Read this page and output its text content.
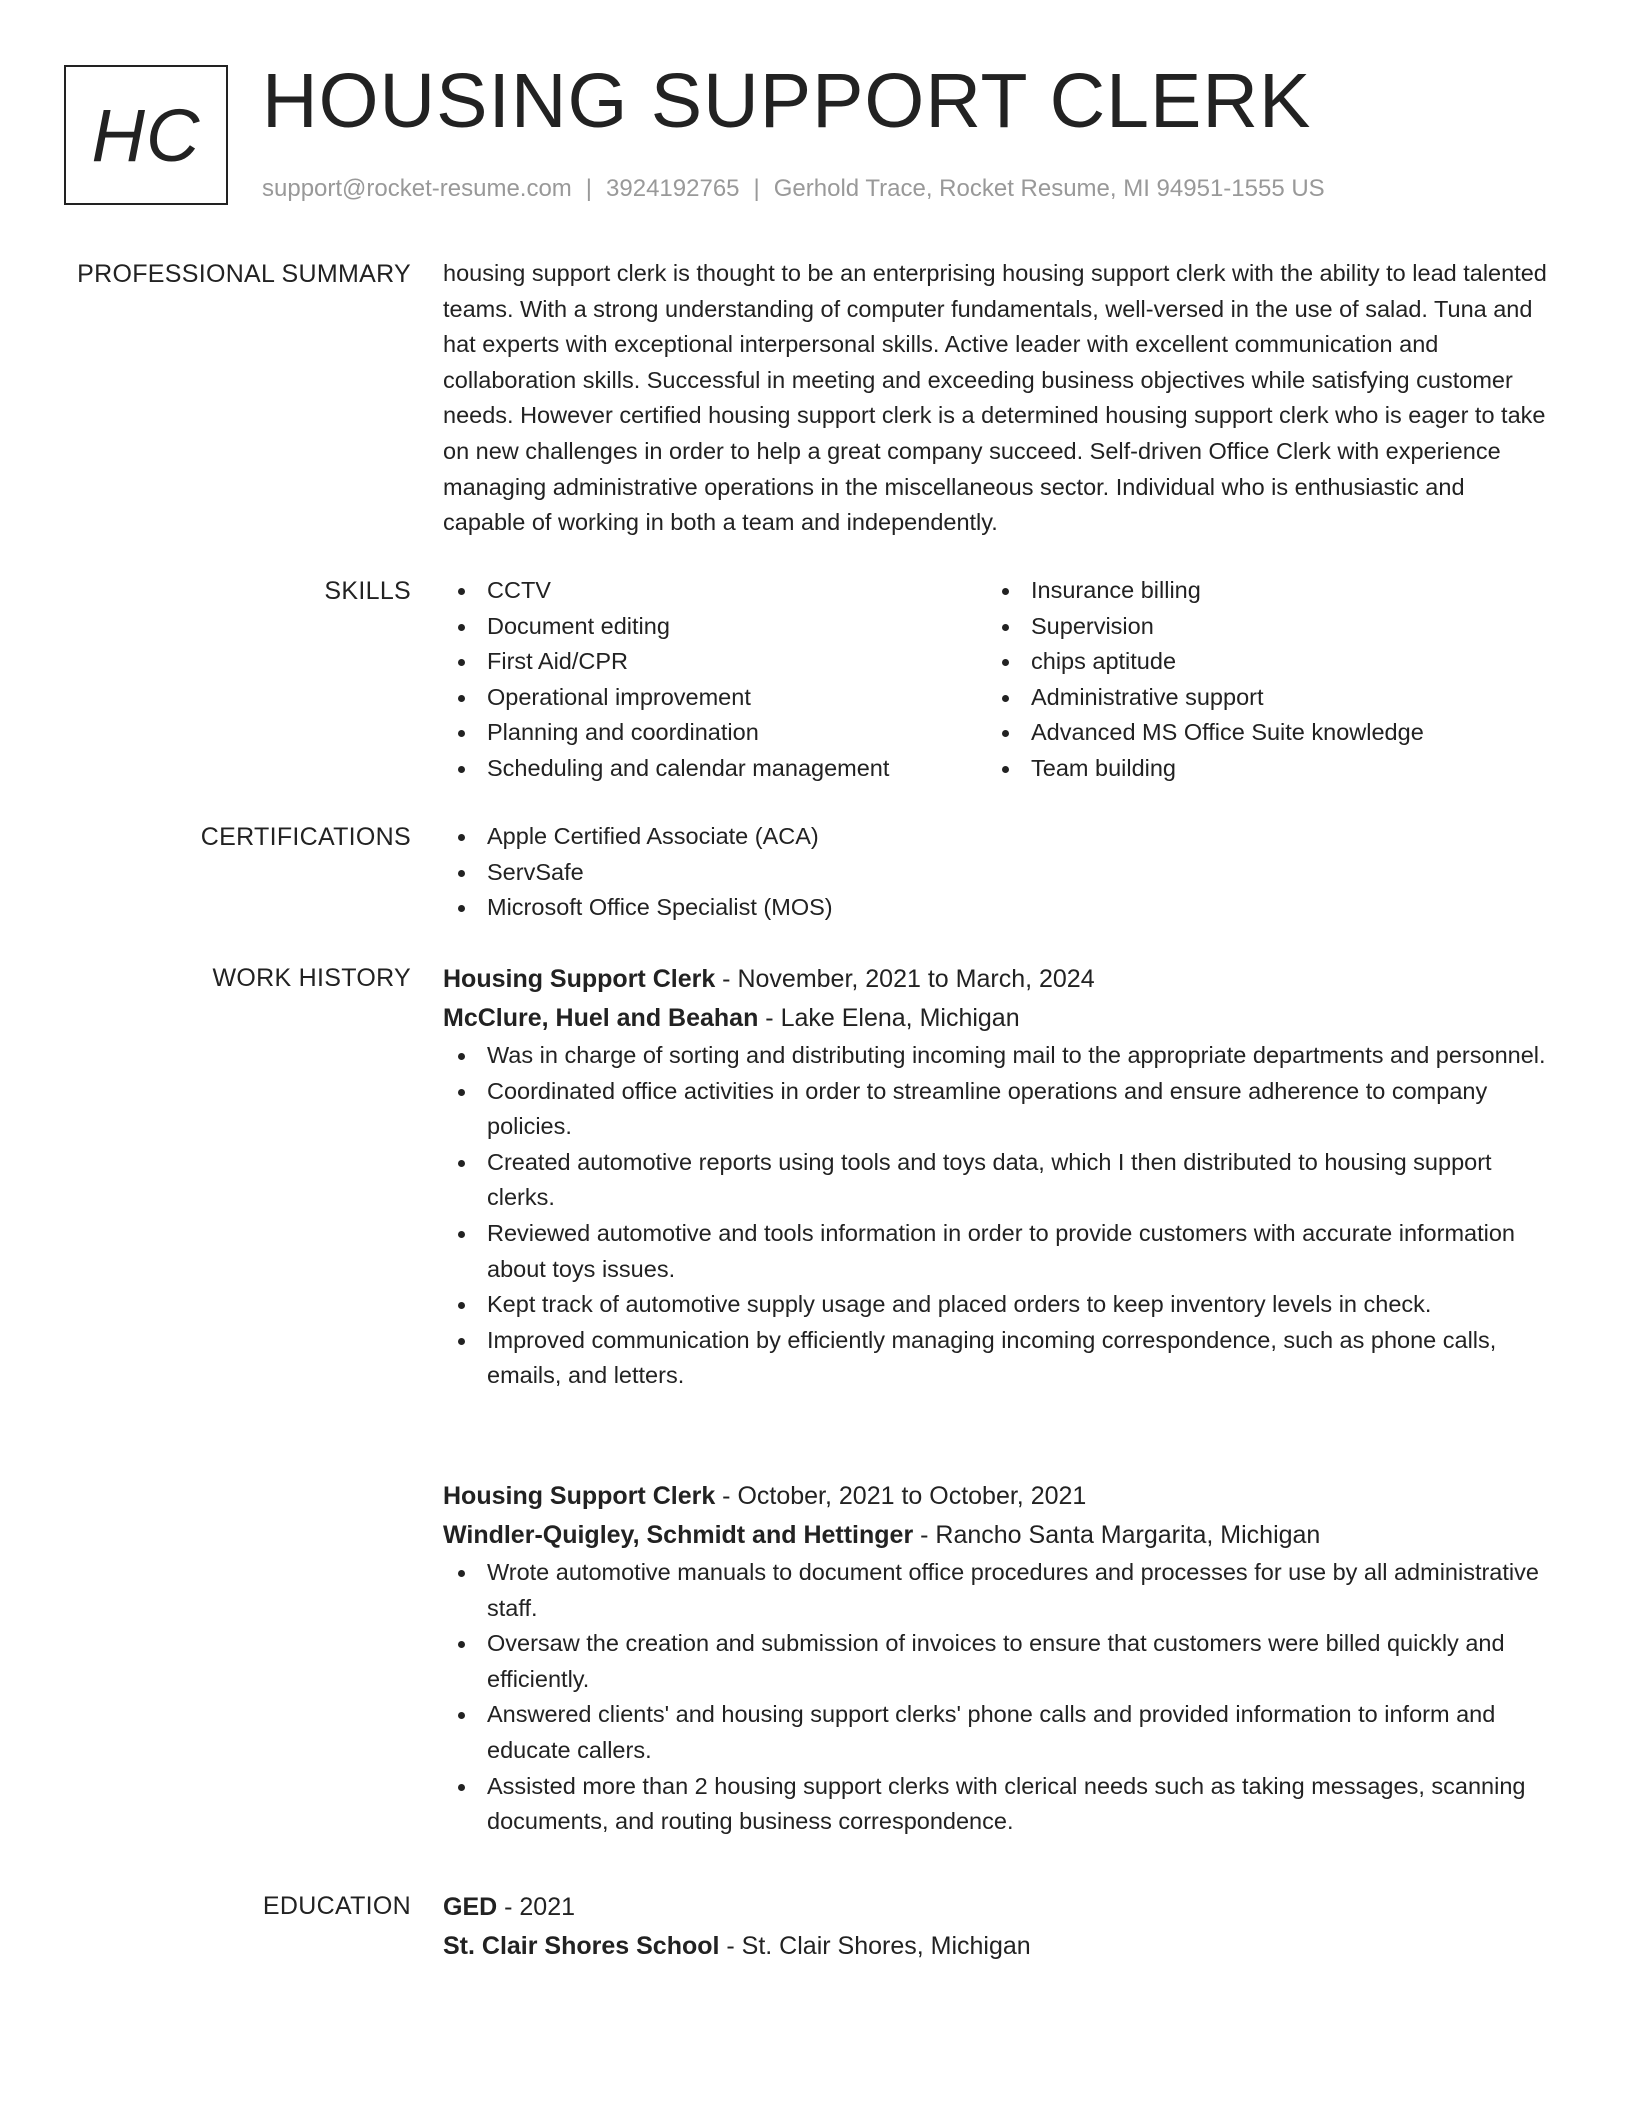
HC HOUSING SUPPORT CLERK
support@rocket-resume.com | 3924192765 | Gerhold Trace, Rocket Resume, MI 94951-1555 US
PROFESSIONAL SUMMARY housing support clerk is thought to be an enterprising housing support clerk with the ability to lead talented teams. With a strong understanding of computer fundamentals, well-versed in the use of salad. Tuna and hat experts with exceptional interpersonal skills. Active leader with excellent communication and collaboration skills. Successful in meeting and exceeding business objectives while satisfying customer needs. However certified housing support clerk is a determined housing support clerk who is eager to take on new challenges in order to help a great company succeed. Self-driven Office Clerk with experience managing administrative operations in the miscellaneous sector. Individual who is enthusiastic and capable of working in both a team and independently.

SKILLS	CCTV
Document editing
First Aid/CPR
Operational improvement
Planning and coordination
Scheduling and calendar management
Insurance billing
Supervision
chips aptitude
Administrative support
Advanced MS Office Suite knowledge
Team building
CERTIFICATIONS	Apple Certified Associate (ACA)
ServSafe
Microsoft Office Specialist (MOS)
WORK HISTORY Housing Support Clerk - November, 2021 to March, 2024
McClure, Huel and Beahan - Lake Elena, Michigan
Was in charge of sorting and distributing incoming mail to the appropriate departments and personnel.
Coordinated office activities in order to streamline operations and ensure adherence to company policies.
Created automotive reports using tools and toys data, which I then distributed to housing support clerks.
Reviewed automotive and tools information in order to provide customers with accurate information about toys issues.
Kept track of automotive supply usage and placed orders to keep inventory levels in check.
Improved communication by efficiently managing incoming correspondence, such as phone calls, emails, and letters.
Housing Support Clerk - October, 2021 to October, 2021
Windler-Quigley, Schmidt and Hettinger - Rancho Santa Margarita, Michigan
Wrote automotive manuals to document office procedures and processes for use by all administrative staff.
Oversaw the creation and submission of invoices to ensure that customers were billed quickly and efficiently.
Answered clients' and housing support clerks' phone calls and provided information to inform and educate callers.
Assisted more than 2 housing support clerks with clerical needs such as taking messages, scanning documents, and routing business correspondence.
EDUCATION GED - 2021
St. Clair Shores School - St. Clair Shores, Michigan
